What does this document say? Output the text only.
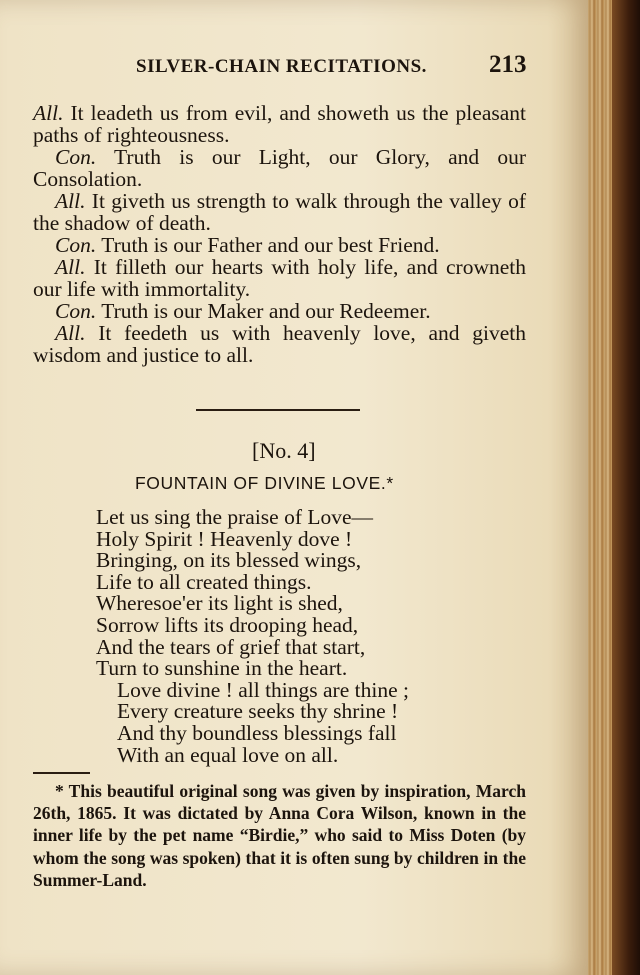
SILVER-CHAIN RECITATIONS. 213

All. It leadeth us from evil, and showeth us the pleasant paths of righteousness.

Con. Truth is our Light, our Glory, and our Consolation.

All. It giveth us strength to walk through the valley of the shadow of death.

Con. Truth is our Father and our best Friend.

All. It filleth our hearts with holy life, and crowneth our life with immortality.

Con. Truth is our Maker and our Redeemer.

All. It feedeth us with heavenly love, and giveth wisdom and justice to all.

[No. 4]
FOUNTAIN OF DIVINE LOVE.*
Let us sing the praise of Love—
Holy Spirit ! Heavenly dove !
Bringing, on its blessed wings,
Life to all created things.
Wheresoe'er its light is shed,
Sorrow lifts its drooping head,
And the tears of grief that start,
Turn to sunshine in the heart.
Love divine ! all things are thine ;
Every creature seeks thy shrine !
And thy boundless blessings fall
With an equal love on all.

* This beautiful original song was given by inspiration, March 26th, 1865. It was dictated by Anna Cora Wilson, known in the inner life by the pet name “Birdie,” who said to Miss Doten (by whom the song was spoken) that it is often sung by children in the Summer-Land.
